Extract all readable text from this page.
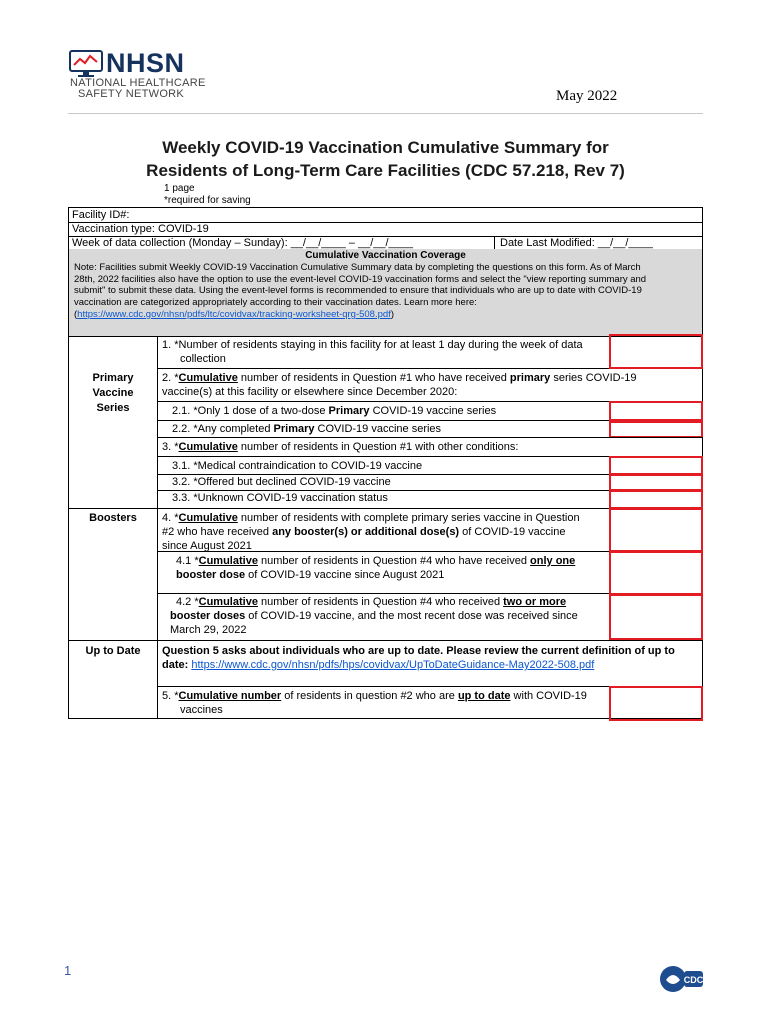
NHSN
NATIONAL HEALTHCARE
SAFETY NETWORK	May 2022
Weekly COVID-19 Vaccination Cumulative Summary for
Residents of Long-Term Care Facilities (CDC 57.218, Rev 7)
1 page
*required for saving
Facility ID#:
Vaccination type: COVID-19
Week of data collection (Monday – Sunday): __/__/____ – __/__/____	Date Last Modified: __/__/____
Cumulative Vaccination Coverage
Note: Facilities submit Weekly COVID-19 Vaccination Cumulative Summary data by completing the questions on this form. As of March
28th, 2022 facilities also have the option to use the event-level COVID-19 vaccination forms and select the "view reporting summary and
submit" to submit these data. Using the event-level forms is recommended to ensure that individuals who are up to date with COVID-19
vaccination are categorized appropriately according to their vaccination dates. Learn more here:
(https://www.cdc.gov/nhsn/pdfs/ltc/covidvax/tracking-worksheet-qrg-508.pdf)
Primary
Vaccine
Series
Boosters
Up to Date
1. *Number of residents staying in this facility for at least 1 day during the week of data
collection
2. *Cumulative number of residents in Question #1 who have received primary series COVID-19
vaccine(s) at this facility or elsewhere since December 2020:
2.1. *Only 1 dose of a two-dose Primary COVID-19 vaccine series
2.2. *Any completed Primary COVID-19 vaccine series
3. *Cumulative number of residents in Question #1 with other conditions:
3.1. *Medical contraindication to COVID-19 vaccine
3.2. *Offered but declined COVID-19 vaccine
3.3. *Unknown COVID-19 vaccination status
4. *Cumulative number of residents with complete primary series vaccine in Question
#2 who have received any booster(s) or additional dose(s) of COVID-19 vaccine
since August 2021
4.1 *Cumulative number of residents in Question #4 who have received only one
booster dose of COVID-19 vaccine since August 2021
4.2 *Cumulative number of residents in Question #4 who received two or more
booster doses of COVID-19 vaccine, and the most recent dose was received since
March 29, 2022
Question 5 asks about individuals who are up to date. Please review the current definition of up to
date: https://www.cdc.gov/nhsn/pdfs/hps/covidvax/UpToDateGuidance-May2022-508.pdf
5. *Cumulative number of residents in question #2 who are up to date with COVID-19
vaccines
1
CDC
